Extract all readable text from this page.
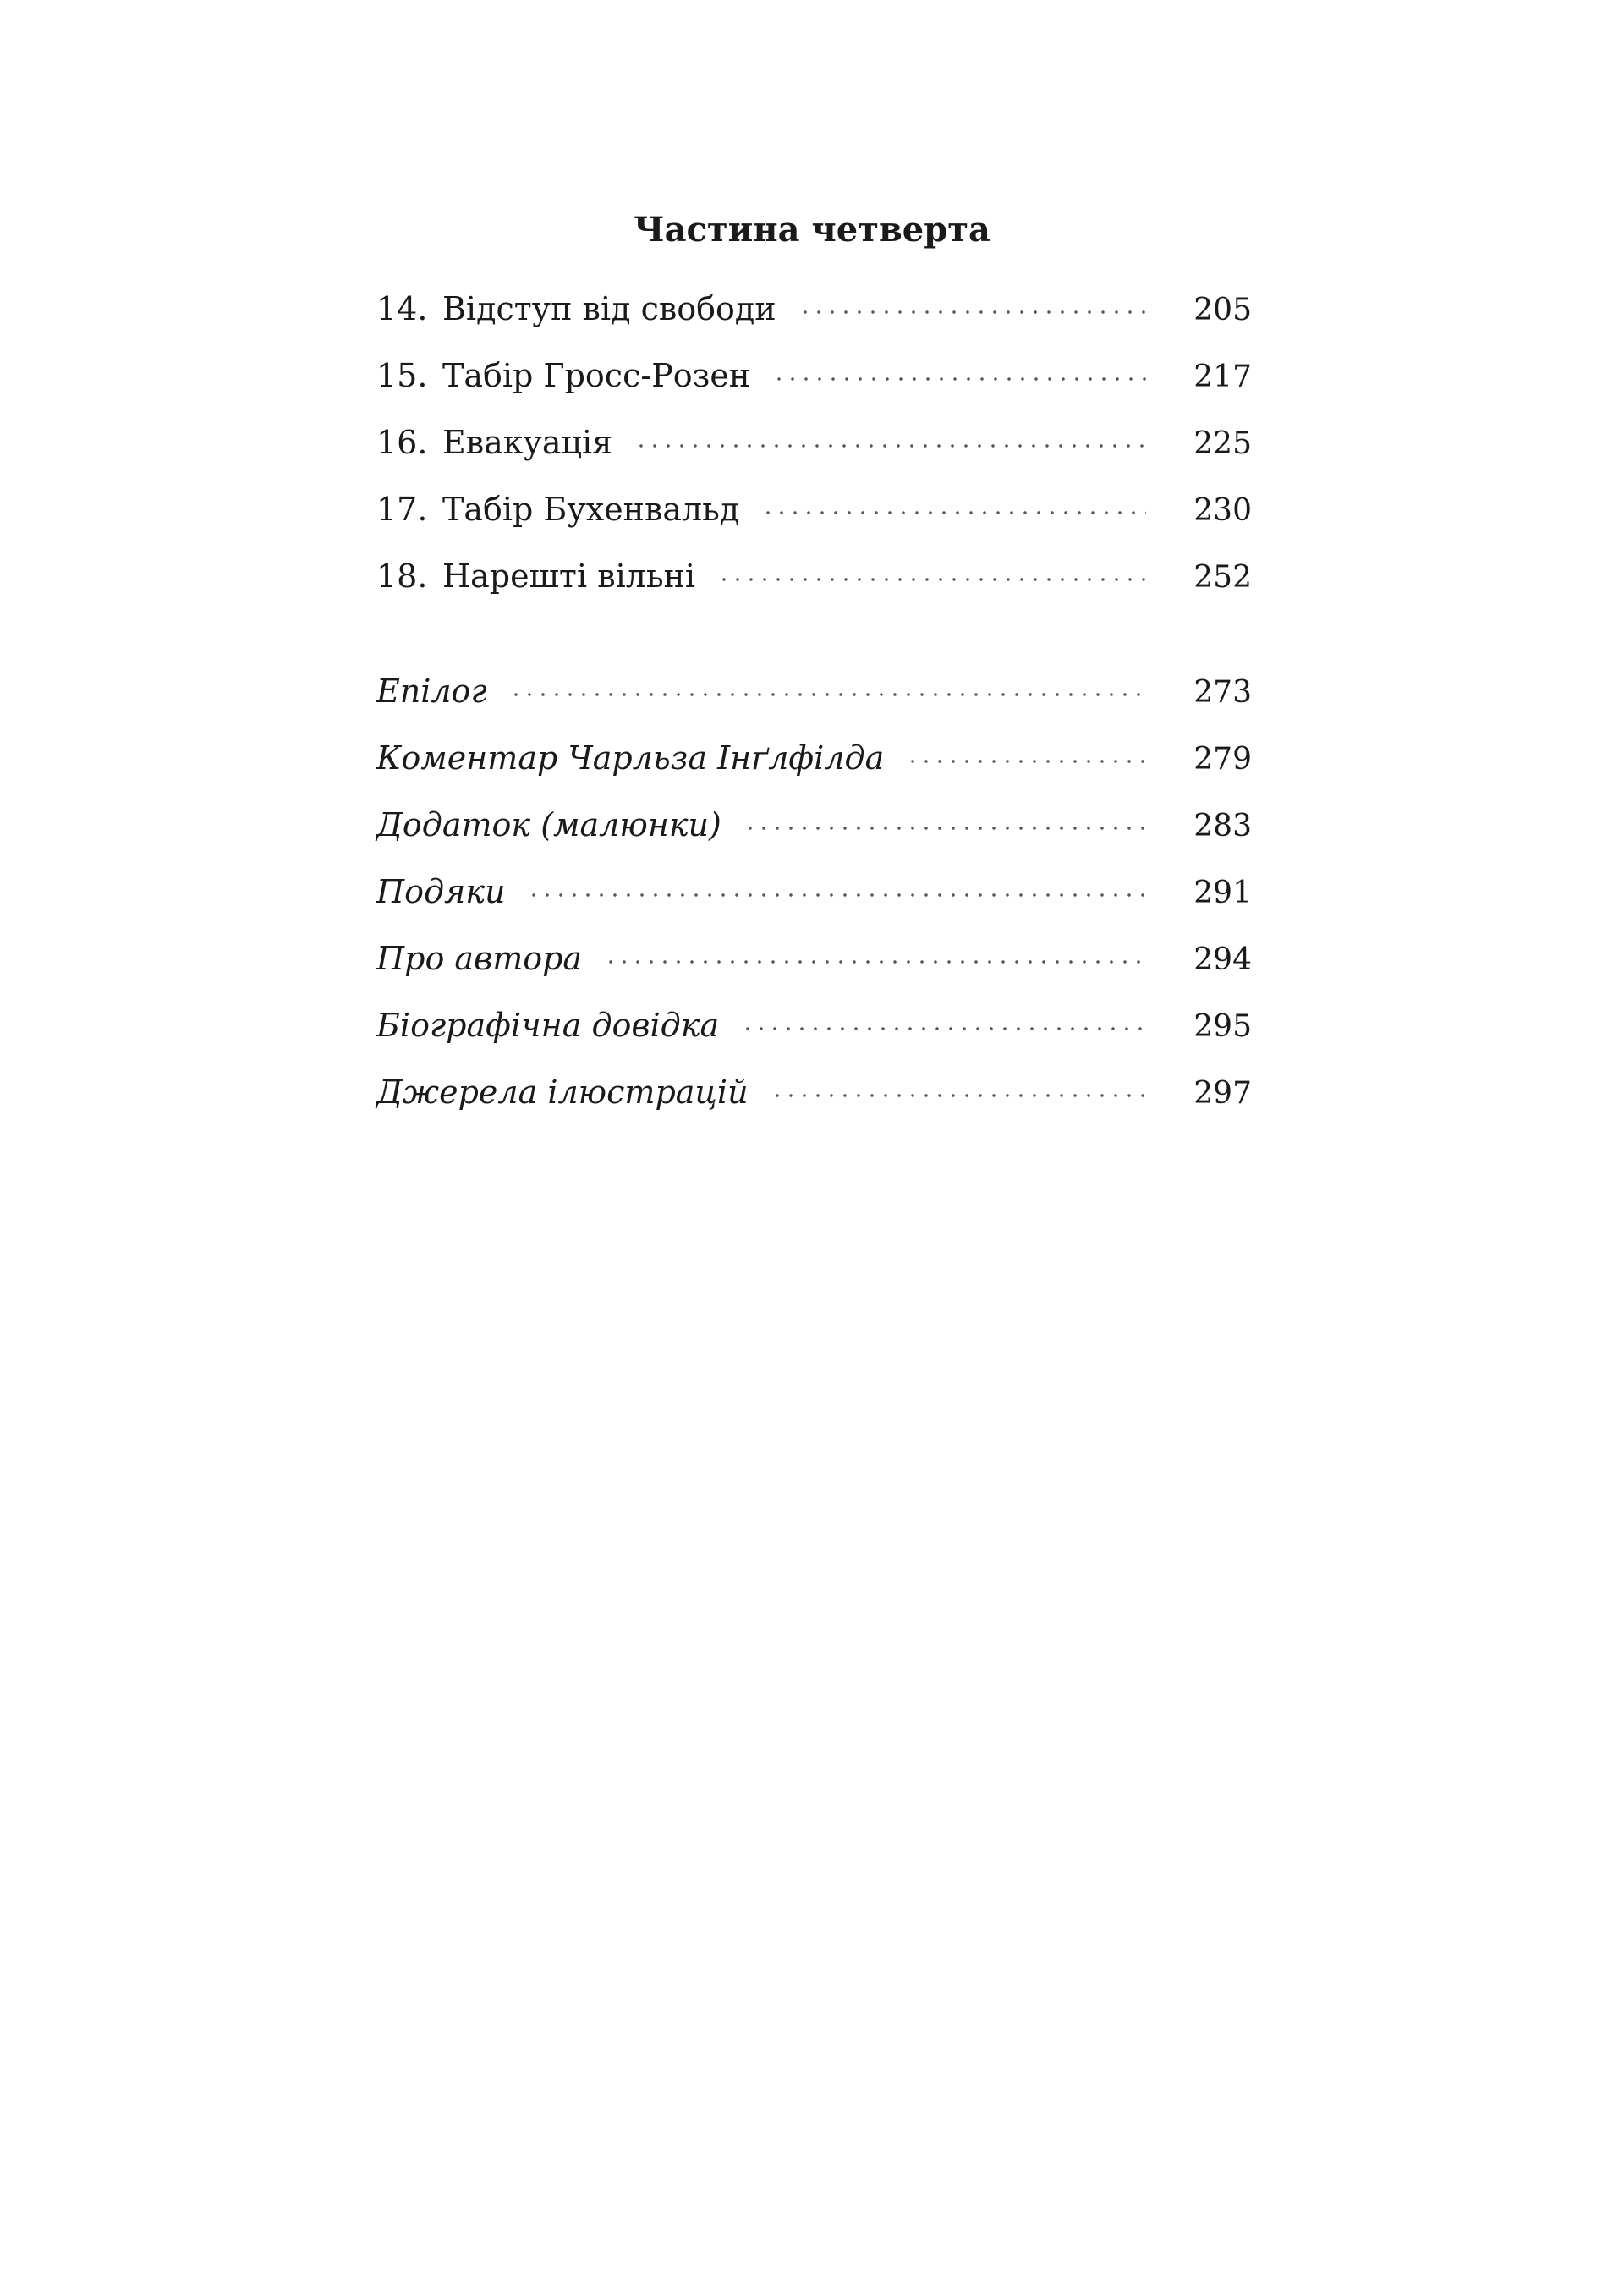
Частина четверта
14. Відступ від свободи	205
15. Табір Гросс-Розен	217
16. Евакуація	225
17. Табір Бухенвальд	230
18. Нарешті вільні	252
Епілог	273
Коментар Чарльза Інґлфілда	279
Додаток (малюнки)	283
Подяки	291
Про автора	294
Біографічна довідка	295
Джерела ілюстрацій	297
